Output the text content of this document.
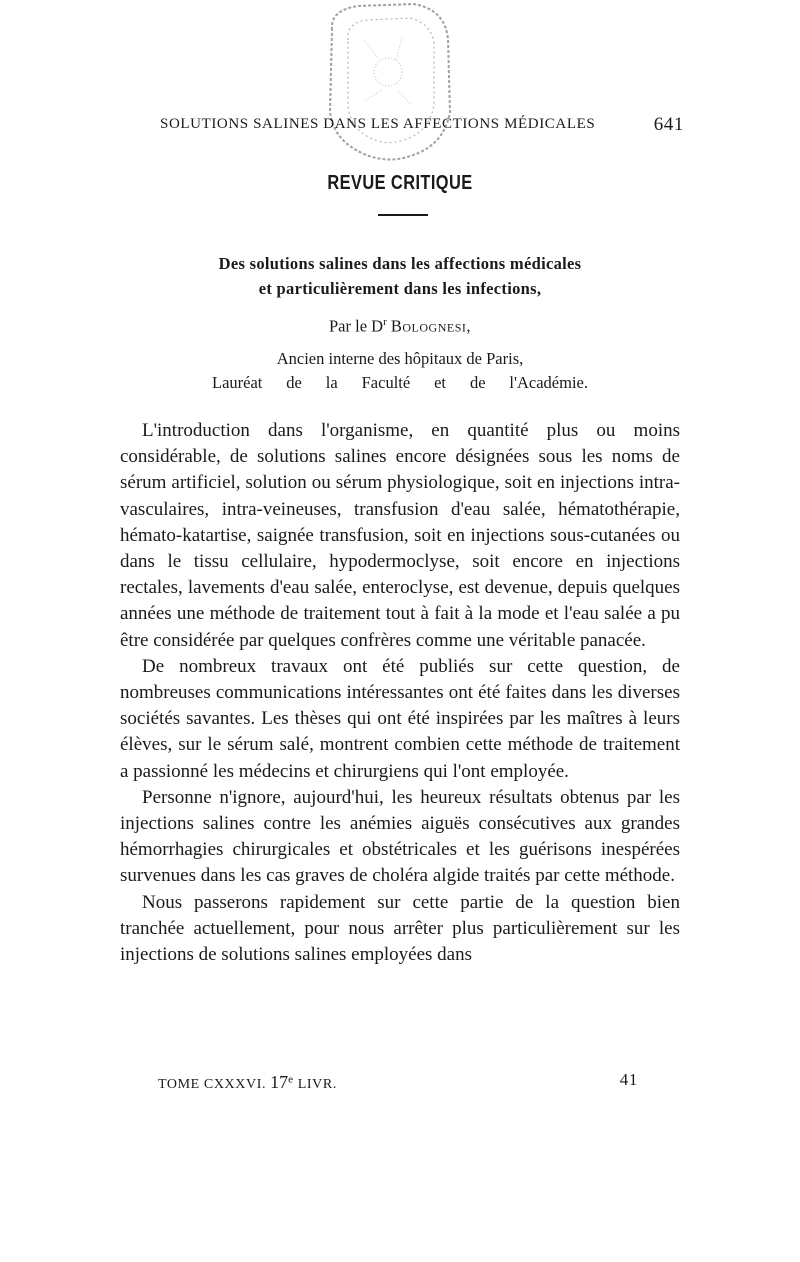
SOLUTIONS SALINES DANS LES AFFECTIONS MÉDICALES	641
REVUE CRITIQUE
Des solutions salines dans les affections médicales
et particulièrement dans les infections,
Par le $D^r$ Bolognesi,
Ancien interne des hôpitaux de Paris,
Lauréat de la Faculté et de l'Académie.

L'introduction dans l'organisme, en quantité plus ou moins considérable, de solutions salines encore désignées sous les noms de sérum artificiel, solution ou sérum physiologique, soit en injections intra-vasculaires, intra-veineuses, transfusion d'eau salée, hématothérapie, hémato-katartise, saignée transfusion, soit en injections sous-cutanées ou dans le tissu cellulaire, hypodermoclyse, soit encore en injections rectales, lavements d'eau salée, enteroclyse, est devenue, depuis quelques années une méthode de traitement tout à fait à la mode et l'eau salée a pu être considérée par quelques confrères comme une véritable panacée.

De nombreux travaux ont été publiés sur cette question, de nombreuses communications intéressantes ont été faites dans les diverses sociétés savantes. Les thèses qui ont été inspirées par les maîtres à leurs élèves, sur le sérum salé, montrent combien cette méthode de traitement a passionné les médecins et chirurgiens qui l'ont employée.

Personne n'ignore, aujourd'hui, les heureux résultats obtenus par les injections salines contre les anémies aiguës consécutives aux grandes hémorrhagies chirurgicales et obstétricales et les guérisons inespérées survenues dans les cas graves de choléra algide traités par cette méthode.

Nous passerons rapidement sur cette partie de la question bien tranchée actuellement, pour nous arrêter plus particulièrement sur les injections de solutions salines employées dans

TOME CXXXVI. 17e LIVR.	41
